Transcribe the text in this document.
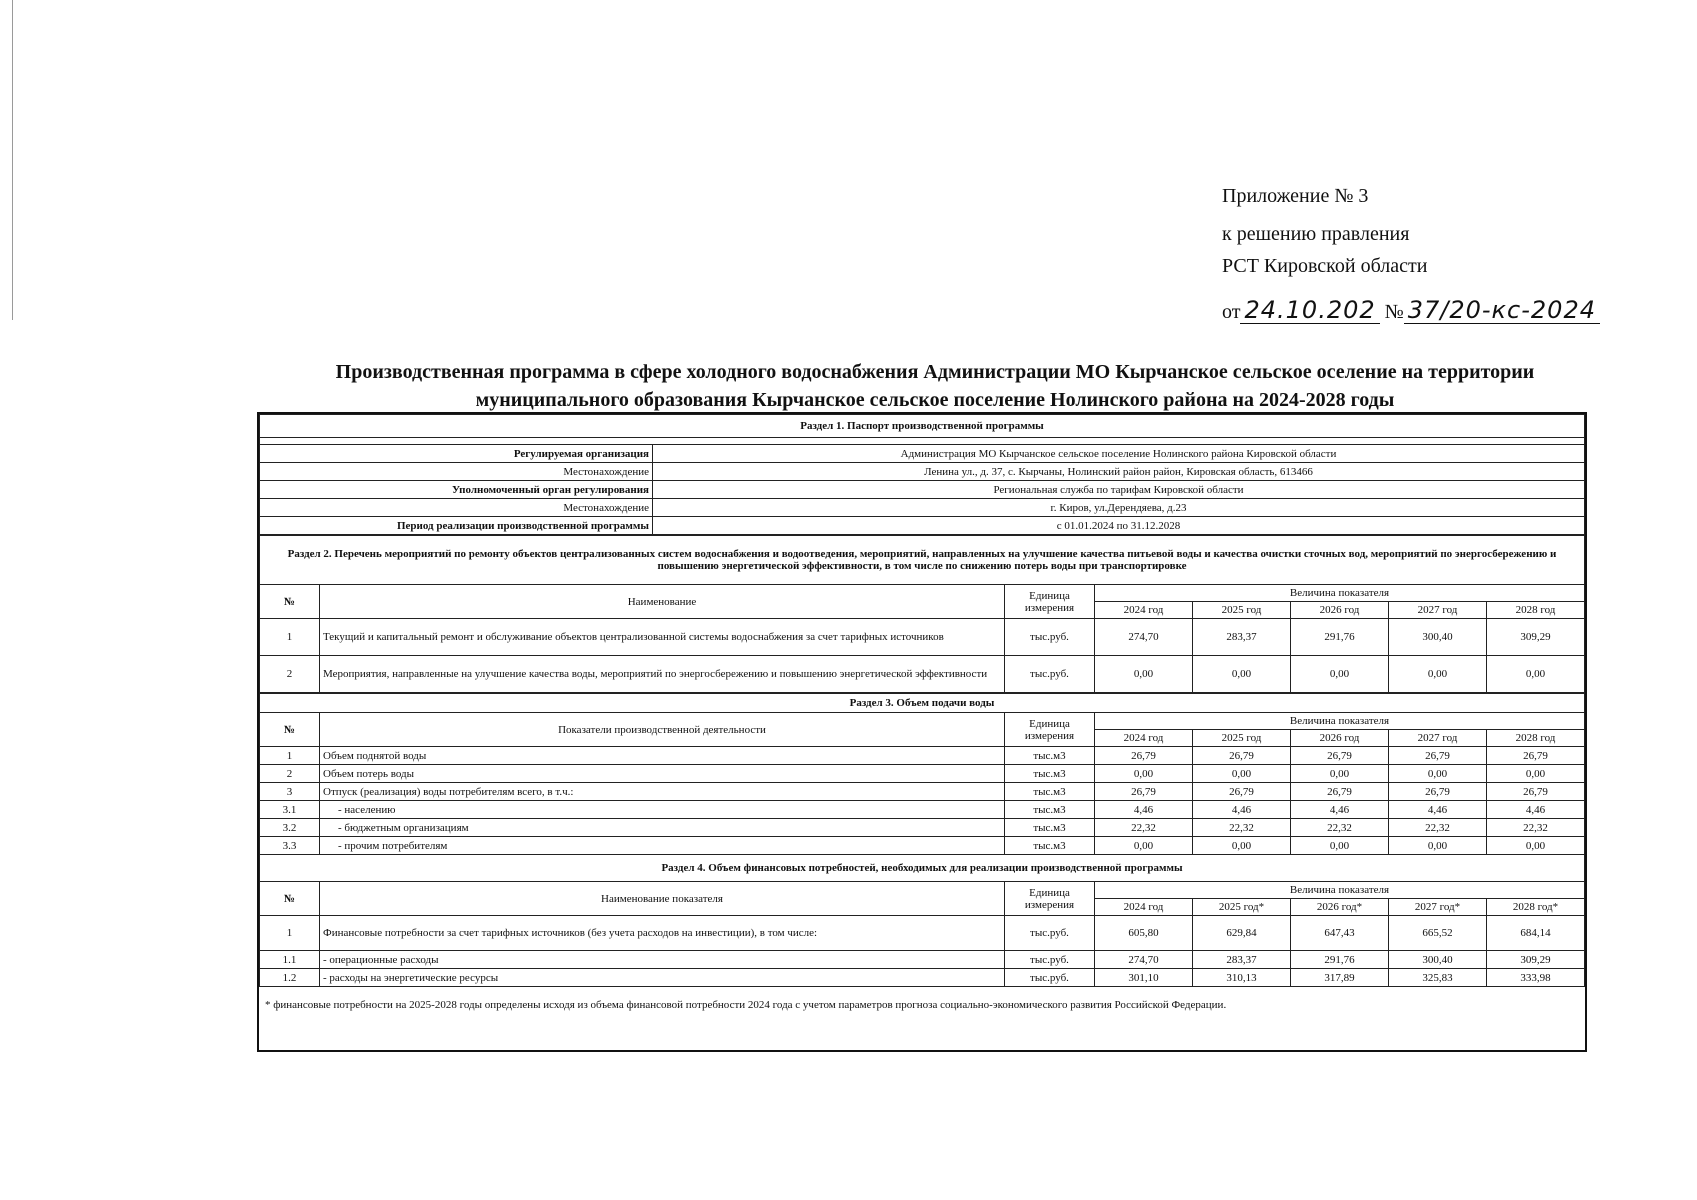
Приложение № 3
к решению правления
РСТ Кировской области
от 24.10.202 № 37/20-кс-2024
Производственная программа в сфере холодного водоснабжения Администрации МО Кырчанское сельское оселение на территории муниципального образования Кырчанское сельское поселение Нолинского района на 2024-2028 годы
Раздел 1. Паспорт производственной программы	

Регулируемая организация	Администрация МО Кырчанское сельское поселение Нолинского района Кировской области
Местонахождение	Ленина ул., д. 37, с. Кырчаны, Нолинский район район, Кировская область, 613466
Уполномоченный орган регулирования	Региональная служба по тарифам Кировской области
Местонахождение	г. Киров, ул.Дерендяева, д.23
Период реализации производственной программы	с 01.01.2024 по 31.12.2028
Раздел 2. Перечень мероприятий по ремонту объектов централизованных систем водоснабжения и водоотведения, мероприятий, направленных на улучшение качества питьевой воды и качества очистки сточных вод, мероприятий по энергосбережению и повышению энергетической эффективности, в том числе по снижению потерь воды при транспортировке							
№	Наименование	Единица измерения	Величина показателя				
			2024 год	2025 год	2026 год	2027 год	2028 год
1	Текущий и капитальный ремонт и обслуживание объектов централизованной системы водоснабжения за счет тарифных источников	тыс.руб.	274,70	283,37	291,76	300,40	309,29
2	Мероприятия, направленные на улучшение качества воды, мероприятий по энергосбережению и повышению энергетической эффективности	тыс.руб.	0,00	0,00	0,00	0,00	0,00
Раздел 3. Объем подачи воды							
№	Показатели производственной деятельности	Единица измерения	Величина показателя				
			2024 год	2025 год	2026 год	2027 год	2028 год
1	Объем поднятой воды	тыс.м3	26,79	26,79	26,79	26,79	26,79
2	Объем потерь воды	тыс.м3	0,00	0,00	0,00	0,00	0,00
3	Отпуск (реализация) воды потребителям всего, в т.ч.:	тыс.м3	26,79	26,79	26,79	26,79	26,79
3.1	- населению	тыс.м3	4,46	4,46	4,46	4,46	4,46
3.2	- бюджетным организациям	тыс.м3	22,32	22,32	22,32	22,32	22,32
3.3	- прочим потребителям	тыс.м3	0,00	0,00	0,00	0,00	0,00
Раздел 4. Объем финансовых потребностей, необходимых для реализации производственной программы							
№	Наименование показателя	Единица измерения	Величина показателя				
			2024 год	2025 год*	2026 год*	2027 год*	2028 год*
1	Финансовые потребности за счет тарифных источников (без учета расходов на инвестиции), в том числе:	тыс.руб.	605,80	629,84	647,43	665,52	684,14
1.1	- операционные расходы	тыс.руб.	274,70	283,37	291,76	300,40	309,29
1.2	- расходы на энергетические ресурсы	тыс.руб.	301,10	310,13	317,89	325,83	333,98
* финансовые потребности на 2025-2028 годы определены исходя из объема финансовой потребности 2024 года с учетом параметров прогноза социально-экономического развития Российской Федерации.
